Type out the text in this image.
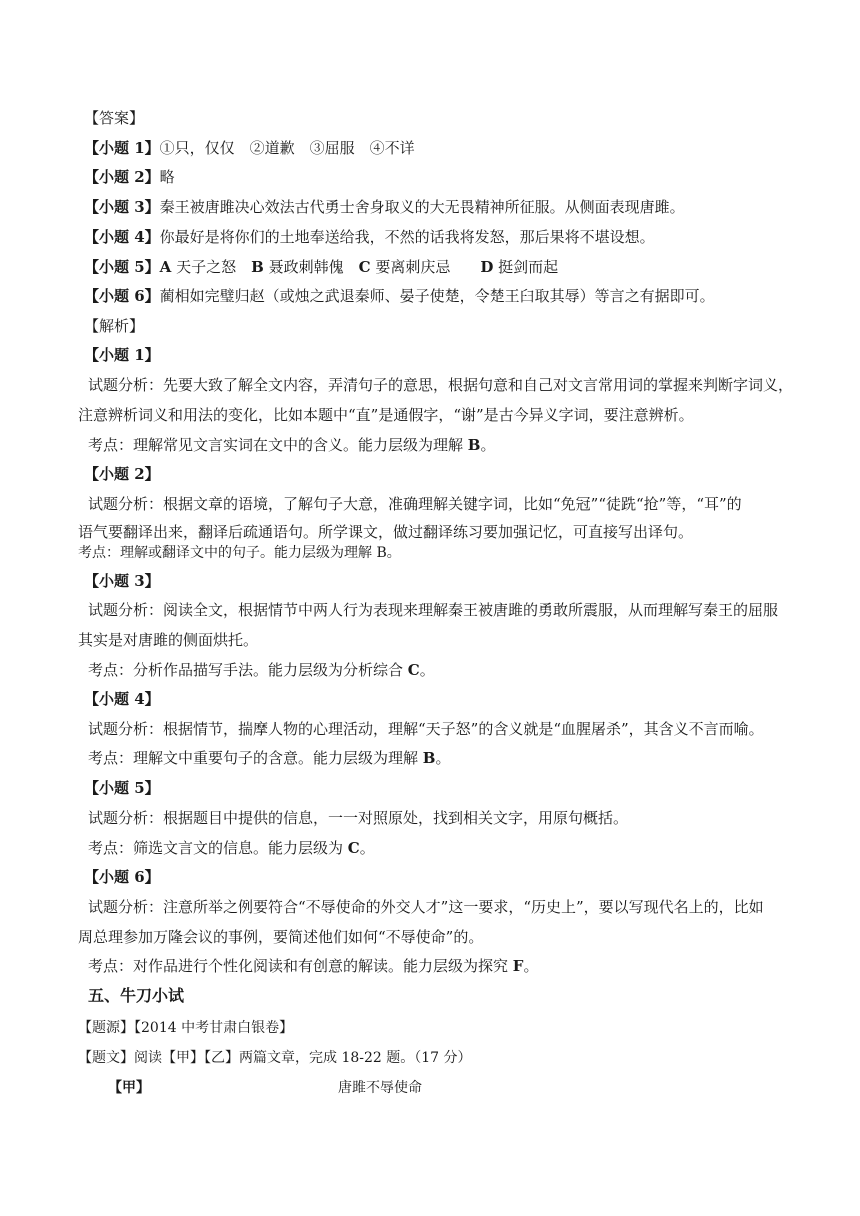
【答案】
【小题 1】①只，仅仅　②道歉　③屈服　④不详
【小题 2】略
【小题 3】秦王被唐雎决心效法古代勇士舍身取义的大无畏精神所征服。从侧面表现唐雎。
【小题 4】你最好是将你们的土地奉送给我，不然的话我将发怒，那后果将不堪设想。
【小题 5】A 天子之怒　B 聂政刺韩傀　C 要离刺庆忌　　D 挺剑而起
【小题 6】蔺相如完璧归赵（或烛之武退秦师、晏子使楚，令楚王臼取其辱）等言之有据即可。
【解析】
【小题 1】
试题分析：先要大致了解全文内容，弄清句子的意思，根据句意和自己对文言常用词的掌握来判断字词义，
注意辨析词义和用法的变化，比如本题中“直”是通假字，“谢”是古今异义字词，要注意辨析。
考点：理解常见文言实词在文中的含义。能力层级为理解 B。
【小题 2】
试题分析：根据文章的语境，了解句子大意，准确理解关键字词，比如“免冠”“徒跣“抢”等，“耳”的
语气要翻译出来，翻译后疏通语句。所学课文，做过翻译练习要加强记忆，可直接写出译句。
考点：理解或翻译文中的句子。能力层级为理解 B。
【小题 3】
试题分析：阅读全文，根据情节中两人行为表现来理解秦王被唐雎的勇敢所震服，从而理解写秦王的屈服
其实是对唐雎的侧面烘托。
考点：分析作品描写手法。能力层级为分析综合 C。
【小题 4】
试题分析：根据情节，揣摩人物的心理活动，理解“天子怒”的含义就是“血腥屠杀”，其含义不言而喻。
考点：理解文中重要句子的含意。能力层级为理解 B。
【小题 5】
试题分析：根据题目中提供的信息，一一对照原处，找到相关文字，用原句概括。
考点：筛选文言文的信息。能力层级为 C。
【小题 6】
试题分析：注意所举之例要符合“不辱使命的外交人才”这一要求，“历史上”，要以写现代名上的，比如
周总理参加万隆会议的事例，要简述他们如何“不辱使命”的。
考点：对作品进行个性化阅读和有创意的解读。能力层级为探究 F。
五、牛刀小试
【题源】【2014 中考甘肃白银卷】
【题文】阅读【甲】【乙】两篇文章，完成 18-22 题。（17 分）
【甲】	唐雎不辱使命
